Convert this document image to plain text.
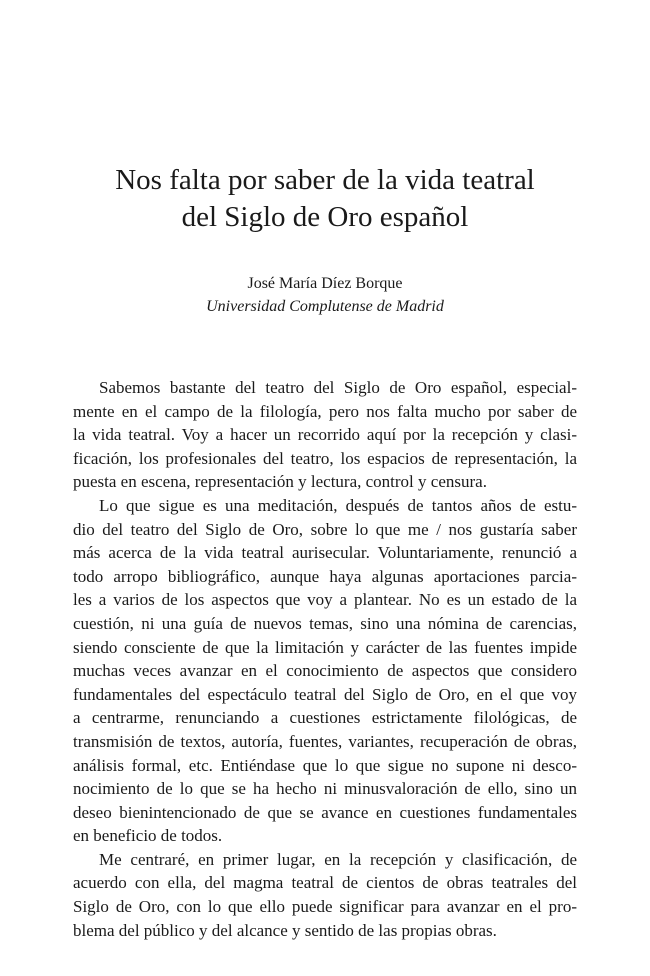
Nos falta por saber de la vida teatral
del Siglo de Oro español
José María Díez Borque
Universidad Complutense de Madrid
Sabemos bastante del teatro del Siglo de Oro español, especial-
mente en el campo de la filología, pero nos falta mucho por saber de
la vida teatral. Voy a hacer un recorrido aquí por la recepción y clasi-
ficación, los profesionales del teatro, los espacios de representación, la
puesta en escena, representación y lectura, control y censura.
Lo que sigue es una meditación, después de tantos años de estu-
dio del teatro del Siglo de Oro, sobre lo que me / nos gustaría saber
más acerca de la vida teatral aurisecular. Voluntariamente, renunció a
todo arropo bibliográfico, aunque haya algunas aportaciones parcia-
les a varios de los aspectos que voy a plantear. No es un estado de la
cuestión, ni una guía de nuevos temas, sino una nómina de carencias,
siendo consciente de que la limitación y carácter de las fuentes impide
muchas veces avanzar en el conocimiento de aspectos que considero
fundamentales del espectáculo teatral del Siglo de Oro, en el que voy
a centrarme, renunciando a cuestiones estrictamente filológicas, de
transmisión de textos, autoría, fuentes, variantes, recuperación de obras,
análisis formal, etc. Entiéndase que lo que sigue no supone ni desco-
nocimiento de lo que se ha hecho ni minusvaloración de ello, sino un
deseo bienintencionado de que se avance en cuestiones fundamentales
en beneficio de todos.
Me centraré, en primer lugar, en la recepción y clasificación, de
acuerdo con ella, del magma teatral de cientos de obras teatrales del
Siglo de Oro, con lo que ello puede significar para avanzar en el pro-
blema del público y del alcance y sentido de las propias obras.
